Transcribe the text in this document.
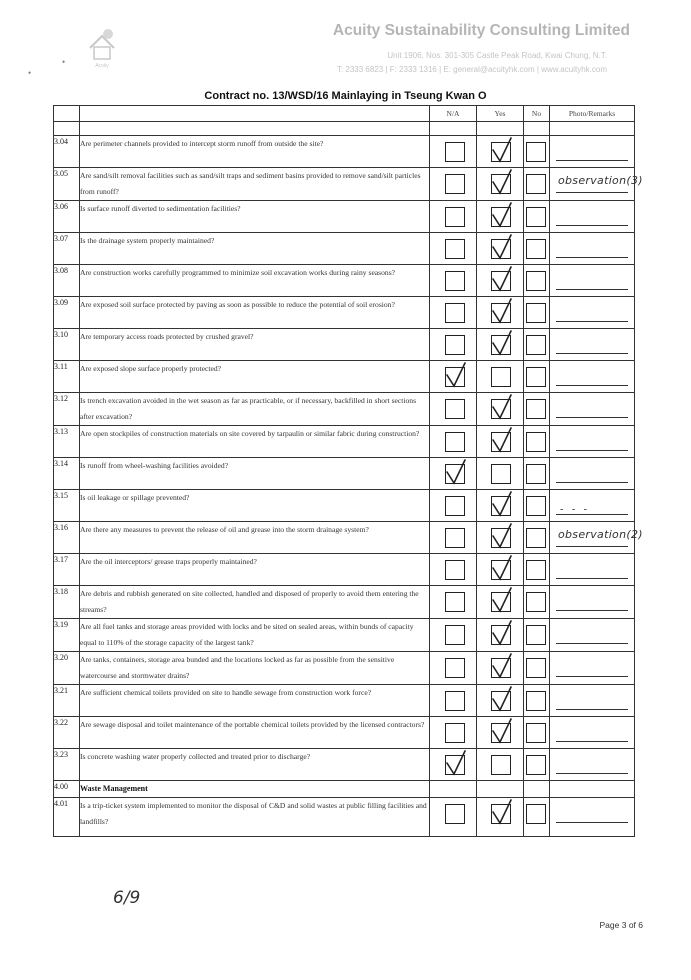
Acuity
Acuity Sustainability Consulting Limited
Unit 1906, Nos. 301-305 Castle Peak Road, Kwai Chung, N.T.
T: 2333 6823 | F: 2333 1316 | E: general@acuityhk.com | www.acuityhk.com
•
•
Contract no. 13/WSD/16 Mainlaying in Tseung Kwan O
		N/A	Yes	No	Photo/Remarks

3.04	Are perimeter channels provided to intercept storm runoff from outside the site?	

3.05	Are sand/silt removal facilities such as sand/silt traps and sediment basins provided to remove sand/silt particles from runoff?				observation(3)

3.06	Is surface runoff diverted to sedimentation facilities?	

3.07	Is the drainage system properly maintained?	

3.08	Are construction works carefully programmed to minimize soil excavation works during rainy seasons?	

3.09	Are exposed soil surface protected by paving as soon as possible to reduce the potential of soil erosion?	

3.10	Are temporary access roads protected by crushed gravel?	

3.11	Are exposed slope surface properly protected?	

3.12	Is trench excavation avoided in the wet season as far as practicable, or if necessary, backfilled in short sections after excavation?	

3.13	Are open stockpiles of construction materials on site covered by tarpaulin or similar fabric during construction?	

3.14	Is runoff from wheel-washing facilities avoided?	

3.15	Is oil leakage or spillage prevented?				- - -

3.16	Are there any measures to prevent the release of oil and grease into the storm drainage system?				observation(2)

3.17	Are the oil interceptors/ grease traps properly maintained?	

3.18	Are debris and rubbish generated on site collected, handled and disposed of properly to avoid them entering the streams?	

3.19	Are all fuel tanks and storage areas provided with locks and be sited on sealed areas, within bunds of capacity equal to 110% of the storage capacity of the largest tank?	

3.20	Are tanks, containers, storage area bunded and the locations locked as far as possible from the sensitive watercourse and stormwater drains?	

3.21	Are sufficient chemical toilets provided on site to handle sewage from construction work force?	

3.22	Are sewage disposal and toilet maintenance of the portable chemical toilets provided by the licensed contractors?	

3.23	Is concrete washing water properly collected and treated prior to discharge?	

4.00	Waste Management				
4.01	Is a trip-ticket system implemented to monitor the disposal of C&D and solid wastes at public filling facilities and landfills?	

6/9
Page 3 of 6
